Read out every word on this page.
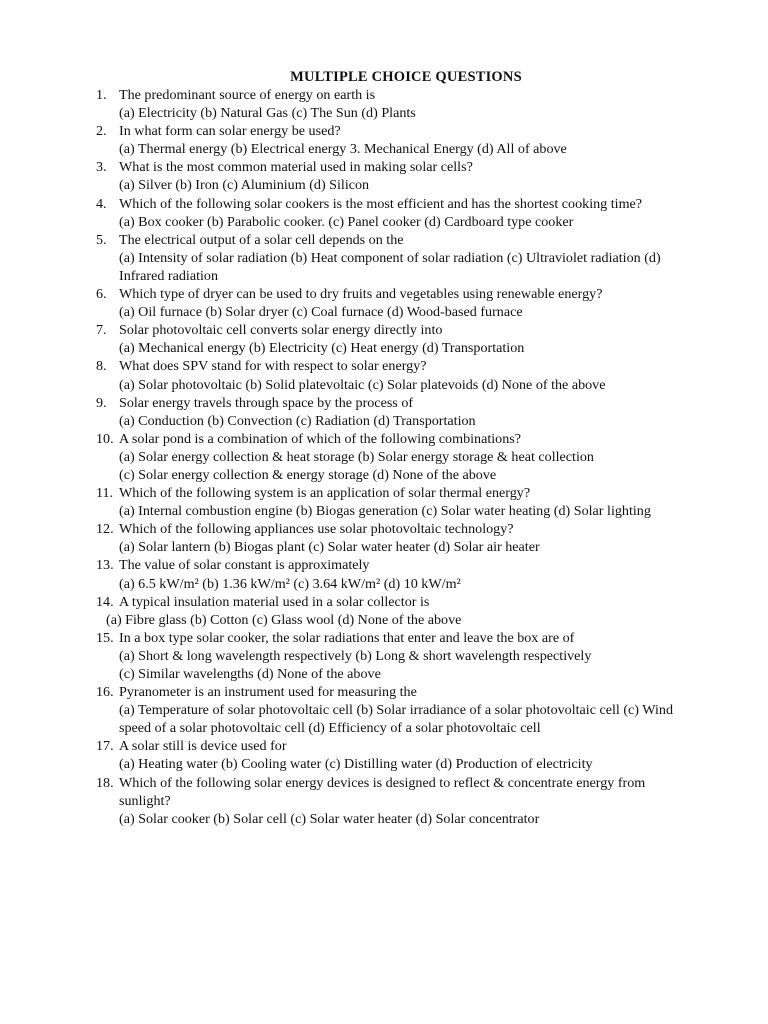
MULTIPLE CHOICE QUESTIONS
1. The predominant source of energy on earth is
(a) Electricity (b) Natural Gas (c) The Sun (d) Plants
2. In what form can solar energy be used?
(a) Thermal energy (b) Electrical energy 3. Mechanical Energy (d) All of above
3. What is the most common material used in making solar cells?
(a) Silver (b) Iron (c) Aluminium (d) Silicon
4. Which of the following solar cookers is the most efficient and has the shortest cooking time?
(a) Box cooker (b) Parabolic cooker. (c) Panel cooker (d) Cardboard type cooker
5. The electrical output of a solar cell depends on the
(a) Intensity of solar radiation (b) Heat component of solar radiation (c) Ultraviolet radiation (d) Infrared radiation
6. Which type of dryer can be used to dry fruits and vegetables using renewable energy?
(a) Oil furnace (b) Solar dryer (c) Coal furnace (d) Wood-based furnace
7. Solar photovoltaic cell converts solar energy directly into
(a) Mechanical energy (b) Electricity (c) Heat energy (d) Transportation
8. What does SPV stand for with respect to solar energy?
(a) Solar photovoltaic (b) Solid platevoltaic (c) Solar platevoids (d) None of the above
9. Solar energy travels through space by the process of
(a) Conduction (b) Convection (c) Radiation (d) Transportation
10. A solar pond is a combination of which of the following combinations?
(a) Solar energy collection & heat storage (b) Solar energy storage & heat collection
(c) Solar energy collection & energy storage (d) None of the above
11. Which of the following system is an application of solar thermal energy?
(a) Internal combustion engine (b) Biogas generation (c) Solar water heating (d) Solar lighting
12. Which of the following appliances use solar photovoltaic technology?
(a) Solar lantern (b) Biogas plant (c) Solar water heater (d) Solar air heater
13. The value of solar constant is approximately
(a) 6.5 kW/m² (b) 1.36 kW/m² (c) 3.64 kW/m² (d) 10 kW/m²
14. A typical insulation material used in a solar collector is
(a) Fibre glass (b) Cotton (c) Glass wool (d) None of the above
15. In a box type solar cooker, the solar radiations that enter and leave the box are of
(a) Short & long wavelength respectively (b) Long & short wavelength respectively
(c) Similar wavelengths (d) None of the above
16. Pyranometer is an instrument used for measuring the
(a) Temperature of solar photovoltaic cell (b) Solar irradiance of a solar photovoltaic cell (c) Wind speed of a solar photovoltaic cell (d) Efficiency of a solar photovoltaic cell
17. A solar still is device used for
(a) Heating water (b) Cooling water (c) Distilling water (d) Production of electricity
18. Which of the following solar energy devices is designed to reflect & concentrate energy from sunlight?
(a) Solar cooker (b) Solar cell (c) Solar water heater (d) Solar concentrator
